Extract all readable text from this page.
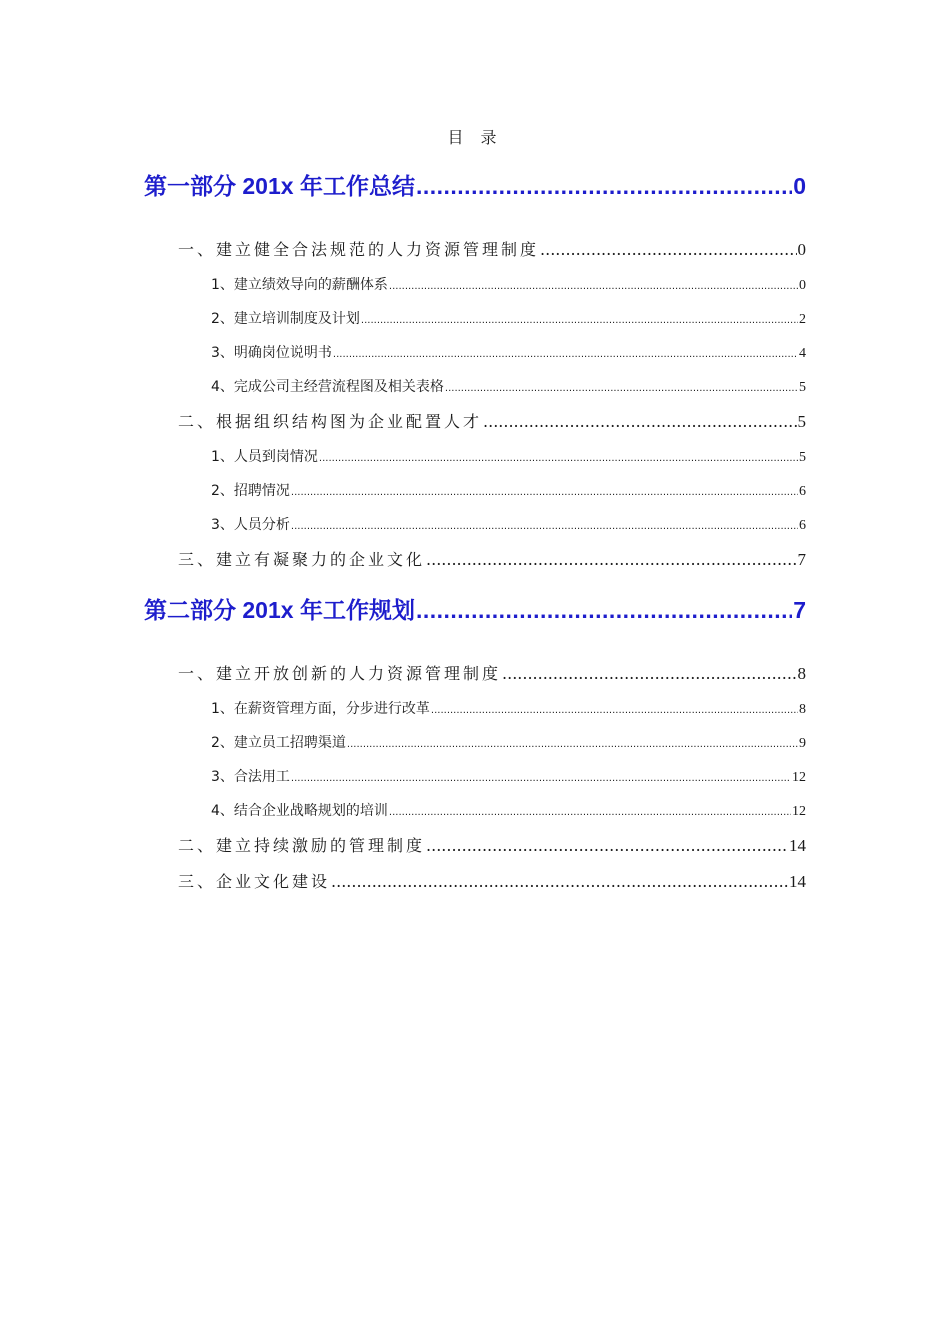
目 录
第一部分 201x 年工作总结 .....	0
一、建立健全合法规范的人力资源管理制度 .....	0
1、建立绩效导向的薪酬体系 .....	0
2、建立培训制度及计划 .....	2
3、明确岗位说明书 .....	4
4、完成公司主经营流程图及相关表格 .....	5
二、根据组织结构图为企业配置人才 .....	5
1、人员到岗情况 .....	5
2、招聘情况 .....	6
3、人员分析 .....	6
三、建立有凝聚力的企业文化 .....	7
第二部分 201x 年工作规划 .....	7
一、建立开放创新的人力资源管理制度 .....	8
1、在薪资管理方面，分步进行改革 .....	8
2、建立员工招聘渠道 .....	9
3、合法用工 .....	12
4、结合企业战略规划的培训 .....	12
二、建立持续激励的管理制度 .....	14
三、企业文化建设 .....	14
